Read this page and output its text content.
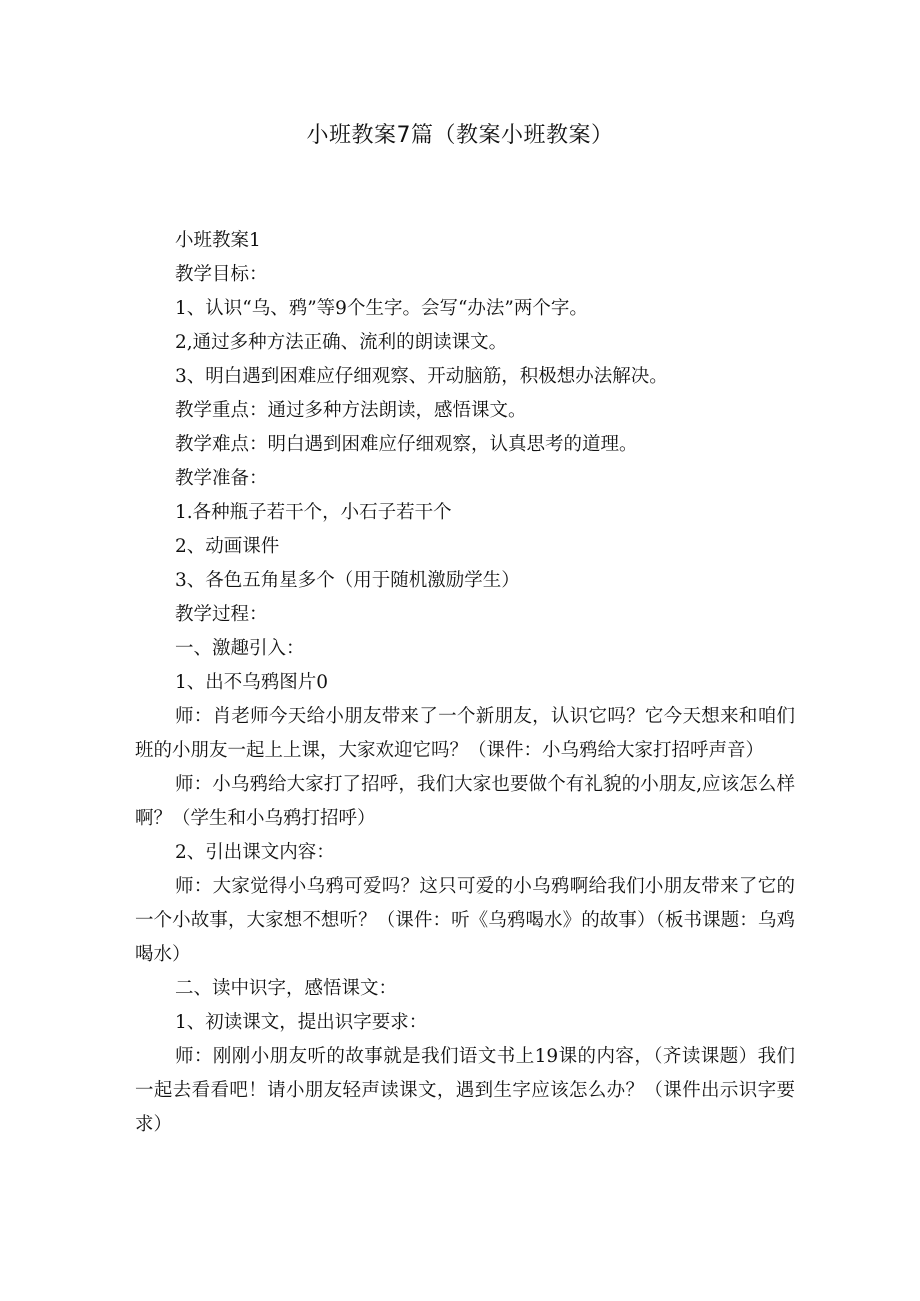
小班教案7篇（教案小班教案）

小班教案1

教学目标：

1、认识“乌、鸦”等9个生字。会写“办法”两个字。

2,通过多种方法正确、流利的朗读课文。

3、明白遇到困难应仔细观察、开动脑筋，积极想办法解决。

教学重点：通过多种方法朗读，感悟课文。

教学难点：明白遇到困难应仔细观察，认真思考的道理。

教学准备：

1.各种瓶子若干个，小石子若干个

2、动画课件

3、各色五角星多个（用于随机激励学生）

教学过程：

一、激趣引入：

1、出不乌鸦图片0

师：肖老师今天给小朋友带来了一个新朋友，认识它吗？它今天想来和咱们班的小朋友一起上上课，大家欢迎它吗？（课件：小乌鸦给大家打招呼声音）

师：小乌鸦给大家打了招呼，我们大家也要做个有礼貌的小朋友,应该怎么样啊？（学生和小乌鸦打招呼）

2、引出课文内容：

师：大家觉得小乌鸦可爱吗？这只可爱的小乌鸦啊给我们小朋友带来了它的一个小故事，大家想不想听？（课件：听《乌鸦喝水》的故事）（板书课题：乌鸡喝水）

二、读中识字，感悟课文：

1、初读课文，提出识字要求：

师：刚刚小朋友听的故事就是我们语文书上19课的内容，（齐读课题）我们一起去看看吧！请小朋友轻声读课文，遇到生字应该怎么办？（课件出示识字要求）
